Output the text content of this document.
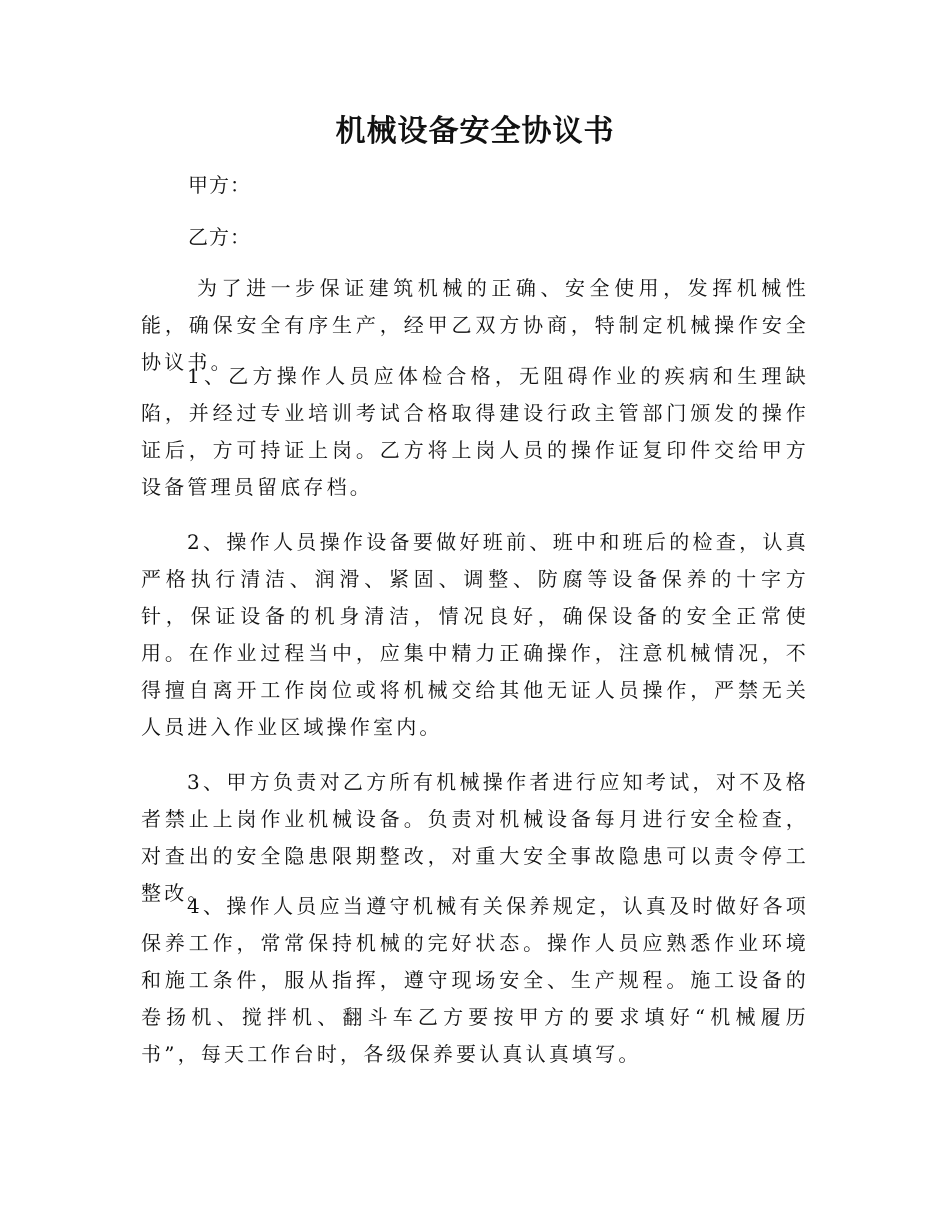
机械设备安全协议书
甲方：
乙方：

为了进一步保证建筑机械的正确、安全使用，发挥机械性能，确保安全有序生产，经甲乙双方协商，特制定机械操作安全协议书。

1、乙方操作人员应体检合格，无阻碍作业的疾病和生理缺陷，并经过专业培训考试合格取得建设行政主管部门颁发的操作证后，方可持证上岗。乙方将上岗人员的操作证复印件交给甲方设备管理员留底存档。

2、操作人员操作设备要做好班前、班中和班后的检查，认真严格执行清洁、润滑、紧固、调整、防腐等设备保养的十字方针，保证设备的机身清洁，情况良好，确保设备的安全正常使用。在作业过程当中，应集中精力正确操作，注意机械情况，不得擅自离开工作岗位或将机械交给其他无证人员操作，严禁无关人员进入作业区域操作室内。

3、甲方负责对乙方所有机械操作者进行应知考试，对不及格者禁止上岗作业机械设备。负责对机械设备每月进行安全检查，对查出的安全隐患限期整改，对重大安全事故隐患可以责令停工整改。

4、操作人员应当遵守机械有关保养规定，认真及时做好各项保养工作，常常保持机械的完好状态。操作人员应熟悉作业环境和施工条件，服从指挥，遵守现场安全、生产规程。施工设备的卷扬机、搅拌机、翻斗车乙方要按甲方的要求填好“机械履历书”，每天工作台时，各级保养要认真认真填写。
